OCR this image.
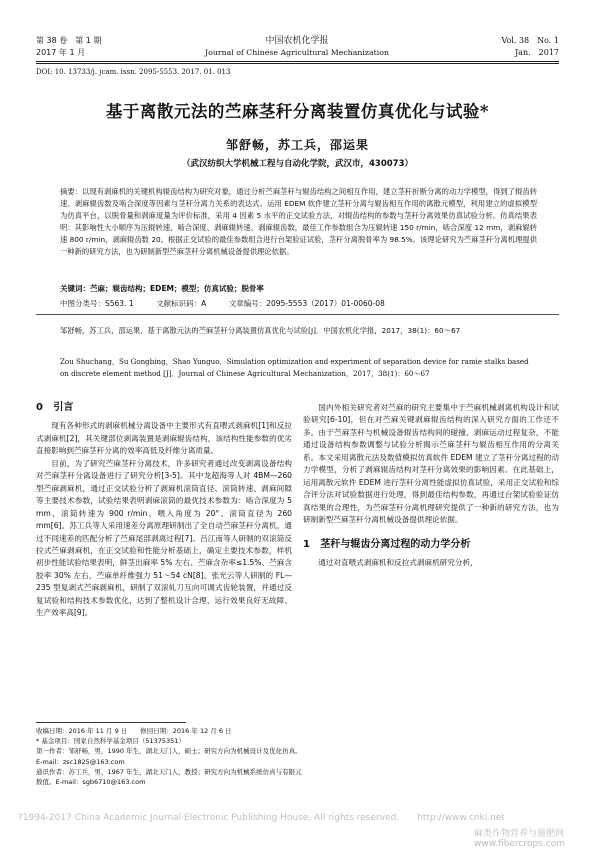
第 38 卷　第 1 期
2017 年 1 月
中国农机化学报
Journal of Chinese Agricultural Mechanization
Vol. 38　No. 1
Jan.　2017
DOI: 10. 13733/j. jcam. issn. 2095-5553. 2017. 01. 013
基于离散元法的苎麻茎秆分离装置仿真优化与试验*
邹舒畅，苏工兵，邵运果
（武汉纺织大学机械工程与自动化学院，武汉市，430073）
摘要：以现有剥麻机的关键机构辊齿结构为研究对象，通过分析苎麻茎秆与辊齿结构之间相互作用，建立茎秆折断分离的动力学模型，得到了辊齿转速、剥麻辊齿数及啮合深度等因素与茎秆分离力关系的表达式。运用 EDEM 软件建立茎秆分离与辊齿相互作用的离散元模型，利用建立的虚拟模型为仿真平台，以脱骨量和剥麻度量为评价标准，采用 4 因素 5 水平的正交试验方法，对辊齿结构的参数与茎秆分离效果仿真试验分析。仿真结果表明：其影响性大小顺序为压辊转速、啮合深度、剥麻辊转速、剥麻辊齿数，最佳工作参数组合为压辊转速 150 r/min，啮合深度 12 mm，剥麻辊转速 800 r/min，剥麻辊齿数 20。根据正交试验的最佳参数组合进行台架验证试验，茎秆分离脱骨率为 98.5%。该理论研究为苎麻茎秆分离机理提供一种新的研究方法，也为研制新型苎麻茎秆分离机械设备提供理论依据。
关键词：苎麻；辊齿结构；EDEM；模型；仿真试验；脱骨率
中图分类号：S563. 1　　　文献标识码：A　　　文章编号：2095-5553（2017）01-0060-08
邹舒畅，苏工兵，邵运果．基于离散元法的苎麻茎秆分离装置仿真优化与试验[J]．中国农机化学报，2017，38(1)：60～67
Zou Shuchang，Su Gongbing，Shao Yunguo．Simulation optimization and experiment of separation device for ramie stalks based on discrete element method [J]．Journal of Chinese Agricultural Mechanization，2017，38(1)：60～67

0 引言

现有各种形式的剥麻机械分离设备中主要形式有直喂式剥麻机[1]和反拉式剥麻机[2]，其关键部位剥离装置是剥麻辊齿结构，该结构性能参数的优劣直接影响到苎麻茎秆分离的效率高低及纤维分离质量。

目前，为了研究苎麻茎秆分离技术，许多研究者通过改变剥离设备结构对苎麻茎秆分离设备进行了研究分析[3-5]。其中龙超海等人对 4BM—260 型苎麻剥麻机，通过正交试验分析了剥麻机滚筒直径、滚筒转速、剥麻间隙等主要技术参数，试验结果表明剥麻滚筒的最优技术参数为：啮合深度为 5 mm、滚筒转速为 900 r/min、喂入角度为 20°、滚筒直径为 260 mm[6]。苏工兵等人采用速差分离原理研制出了全自动苎麻茎秆分离机，通过不同速差的匹配分析了苎麻尾部剥离过程[7]。吕江南等人研制的双滚筒反拉式苎麻剥麻机，在正交试验和性能分析基础上，确定主要技术参数，样机初步性能试验结果表明，鲜茎出麻率 5% 左右、苎麻含杂率≤1.5%、苎麻含胶率 30% 左右，苎麻单纤维强力 51～54 cN[8]。张光云等人研制的 FL—235 型复剥式苎麻剥麻机，研制了双滚轧刀互向可调式齿轮装置，并通过反复试验和结构技术参数优化，达到了整机设计合理、运行效果良好无故障、生产效率高[9]。

国内外相关研究者对苎麻的研究主要集中于苎麻机械剥离机构设计和试验研究[6-10]，但在对苎麻关键剥麻辊齿结构的深入研究方面的工作还不多。由于苎麻茎秆与机械设备辊齿结构间的碰撞、剥麻运动过程复杂，不能通过设备结构参数调整与试验分析揭示苎麻茎秆与辊齿相互作用的分离关系。本文采用离散元法及数值模拟仿真软件 EDEM 建立了茎秆分离过程的动力学模型，分析了剥麻辊齿结构对茎秆分离效果的影响因素。在此基础上，运用离散元软件 EDEM 进行茎秆分离性能虚拟仿真试验，采用正交试验和综合评分法对试验数据进行处理，得到最佳结构参数，再通过台架试验验证仿真结果的合理性，为苎麻茎秆分离机理研究提供了一种新的研究方法，也为研制新型苎麻茎秆分离机械设备提供理论依据。

1 茎秆与辊齿分离过程的动力学分析

通过对直喂式剥麻机和反拉式剥麻机研究分析，

收稿日期：2016 年 11 月 9 日　　修回日期：2016 年 12 月 6 日
* 基金项目：国家自然科学基金项目（51375351）
第一作者：邹舒畅，男，1990 年生，湖北天门人，硕士；研究方向为机械设计及优化仿真。E-mail：zsc1825@163.com
通讯作者：苏工兵，男，1967 年生，湖北天门人，教授；研究方向为机械系统仿真与有限元数值。E-mail：sgb6710@163.com
?1994-2017 China Academic Journal Electronic Publishing House. All rights reserved.　　http://www.cnki.net
麻类作物营养与施肥网 www.fibercrops.com
